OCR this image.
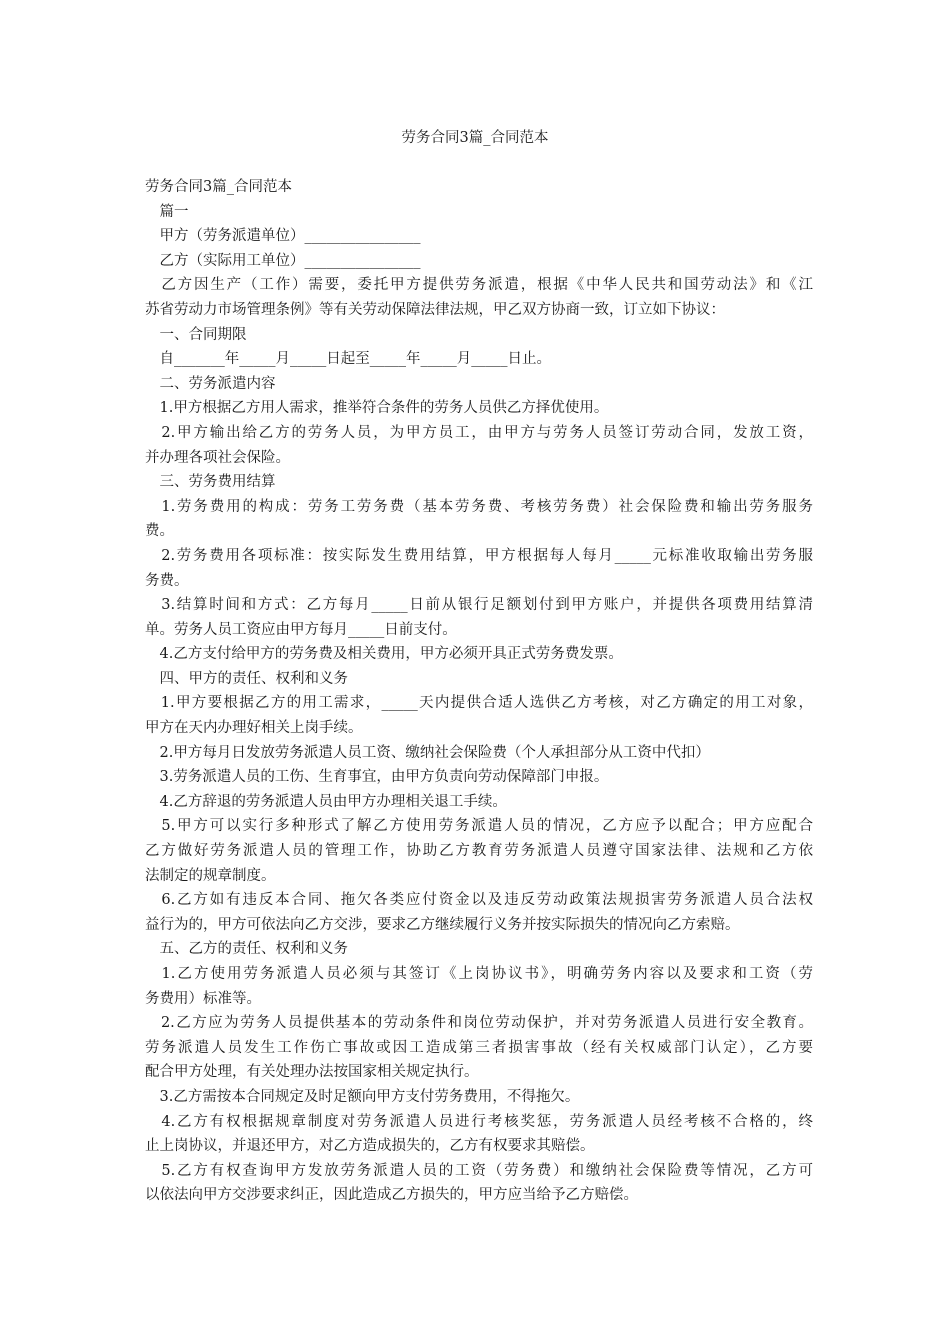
劳务合同3篇_合同范本
劳务合同3篇_合同范本
　篇一
　甲方（劳务派遣单位）________________
　乙方（实际用工单位）________________
　乙方因生产（工作）需要，委托甲方提供劳务派遣，根据《中华人民共和国劳动法》和《江
苏省劳动力市场管理条例》等有关劳动保障法律法规，甲乙双方协商一致，订立如下协议：
　一、合同期限
　自_______年_____月_____日起至_____年_____月_____日止。
　二、劳务派遣内容
　1.甲方根据乙方用人需求，推举符合条件的劳务人员供乙方择优使用。
　2.甲方输出给乙方的劳务人员，为甲方员工，由甲方与劳务人员签订劳动合同，发放工资，
并办理各项社会保险。
　三、劳务费用结算
　1.劳务费用的构成：劳务工劳务费（基本劳务费、考核劳务费）社会保险费和输出劳务服务
费。
　2.劳务费用各项标准：按实际发生费用结算，甲方根据每人每月_____元标准收取输出劳务服
务费。
　3.结算时间和方式：乙方每月_____日前从银行足额划付到甲方账户，并提供各项费用结算清
单。劳务人员工资应由甲方每月_____日前支付。
　4.乙方支付给甲方的劳务费及相关费用，甲方必须开具正式劳务费发票。
　四、甲方的责任、权利和义务
　1.甲方要根据乙方的用工需求，_____天内提供合适人选供乙方考核，对乙方确定的用工对象，
甲方在天内办理好相关上岗手续。
　2.甲方每月日发放劳务派遣人员工资、缴纳社会保险费（个人承担部分从工资中代扣）
　3.劳务派遣人员的工伤、生育事宜，由甲方负责向劳动保障部门申报。
　4.乙方辞退的劳务派遣人员由甲方办理相关退工手续。
　5.甲方可以实行多种形式了解乙方使用劳务派遣人员的情况，乙方应予以配合；甲方应配合
乙方做好劳务派遣人员的管理工作，协助乙方教育劳务派遣人员遵守国家法律、法规和乙方依
法制定的规章制度。
　6.乙方如有违反本合同、拖欠各类应付资金以及违反劳动政策法规损害劳务派遣人员合法权
益行为的，甲方可依法向乙方交涉，要求乙方继续履行义务并按实际损失的情况向乙方索赔。
　五、乙方的责任、权利和义务
　1.乙方使用劳务派遣人员必须与其签订《上岗协议书》，明确劳务内容以及要求和工资（劳
务费用）标准等。
　2.乙方应为劳务人员提供基本的劳动条件和岗位劳动保护，并对劳务派遣人员进行安全教育。
劳务派遣人员发生工作伤亡事故或因工造成第三者损害事故（经有关权威部门认定），乙方要
配合甲方处理，有关处理办法按国家相关规定执行。
　3.乙方需按本合同规定及时足额向甲方支付劳务费用，不得拖欠。
　4.乙方有权根据规章制度对劳务派遣人员进行考核奖惩，劳务派遣人员经考核不合格的，终
止上岗协议，并退还甲方，对乙方造成损失的，乙方有权要求其赔偿。
　5.乙方有权查询甲方发放劳务派遣人员的工资（劳务费）和缴纳社会保险费等情况，乙方可
以依法向甲方交涉要求纠正，因此造成乙方损失的，甲方应当给予乙方赔偿。
